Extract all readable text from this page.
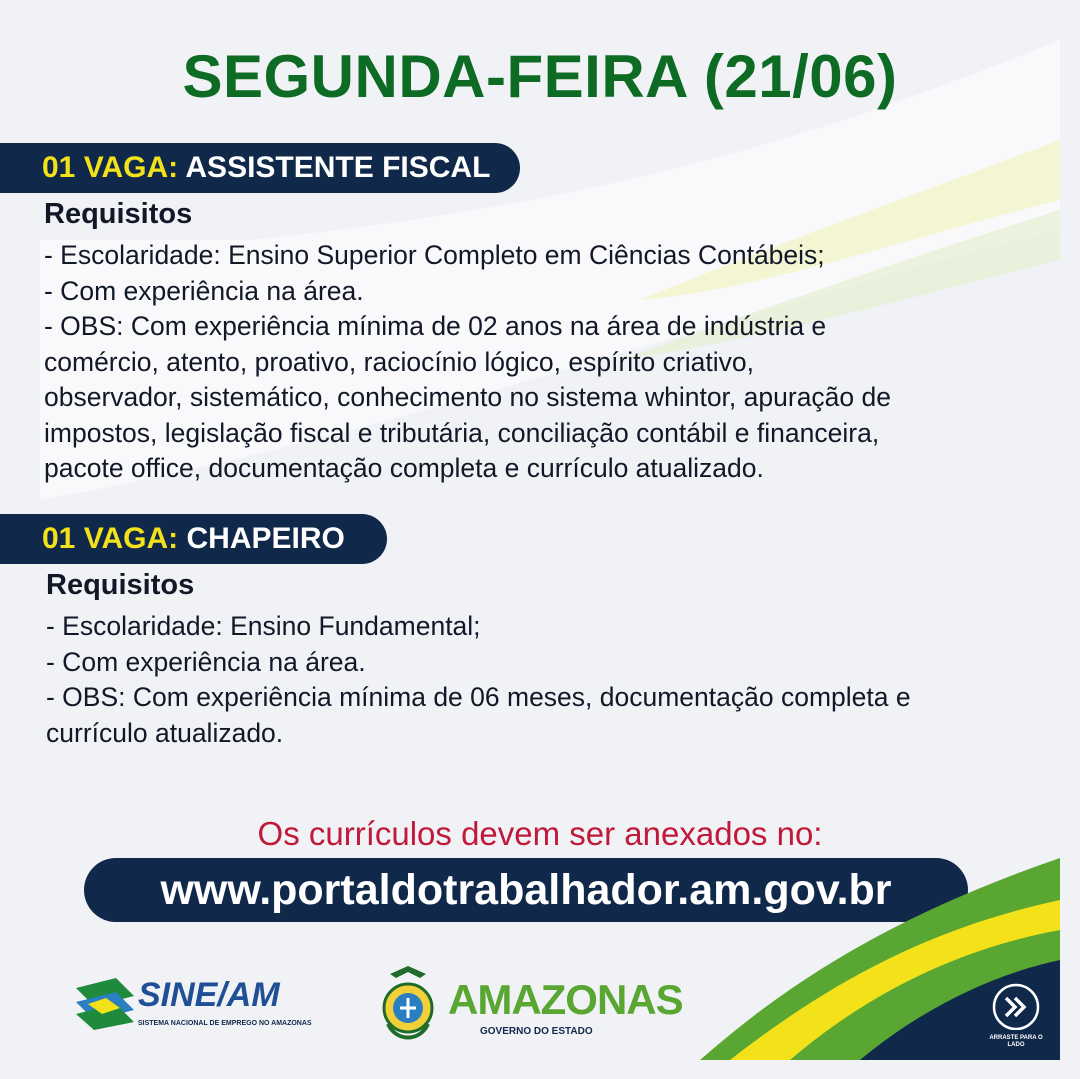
SEGUNDA-FEIRA (21/06)
01 VAGA: ASSISTENTE FISCAL
Requisitos

- Escolaridade: Ensino Superior Completo em Ciências Contábeis;

- Com experiência na área.

- OBS: Com experiência mínima de 02 anos na área de indústria e

comércio, atento, proativo, raciocínio lógico, espírito criativo,

observador, sistemático, conhecimento no sistema whintor, apuração de

impostos, legislação fiscal e tributária, conciliação contábil e financeira,

pacote office, documentação completa e currículo atualizado.

01 VAGA: CHAPEIRO
Requisitos

- Escolaridade: Ensino Fundamental;

- Com experiência na área.

- OBS: Com experiência mínima de 06 meses, documentação completa e

currículo atualizado.

Os currículos devem ser anexados no:
www.portaldotrabalhador.am.gov.br
ARRASTE PARA O LADO
SINE/AM
SISTEMA NACIONAL DE EMPREGO NO AMAZONAS
AMAZONAS
GOVERNO DO ESTADO
